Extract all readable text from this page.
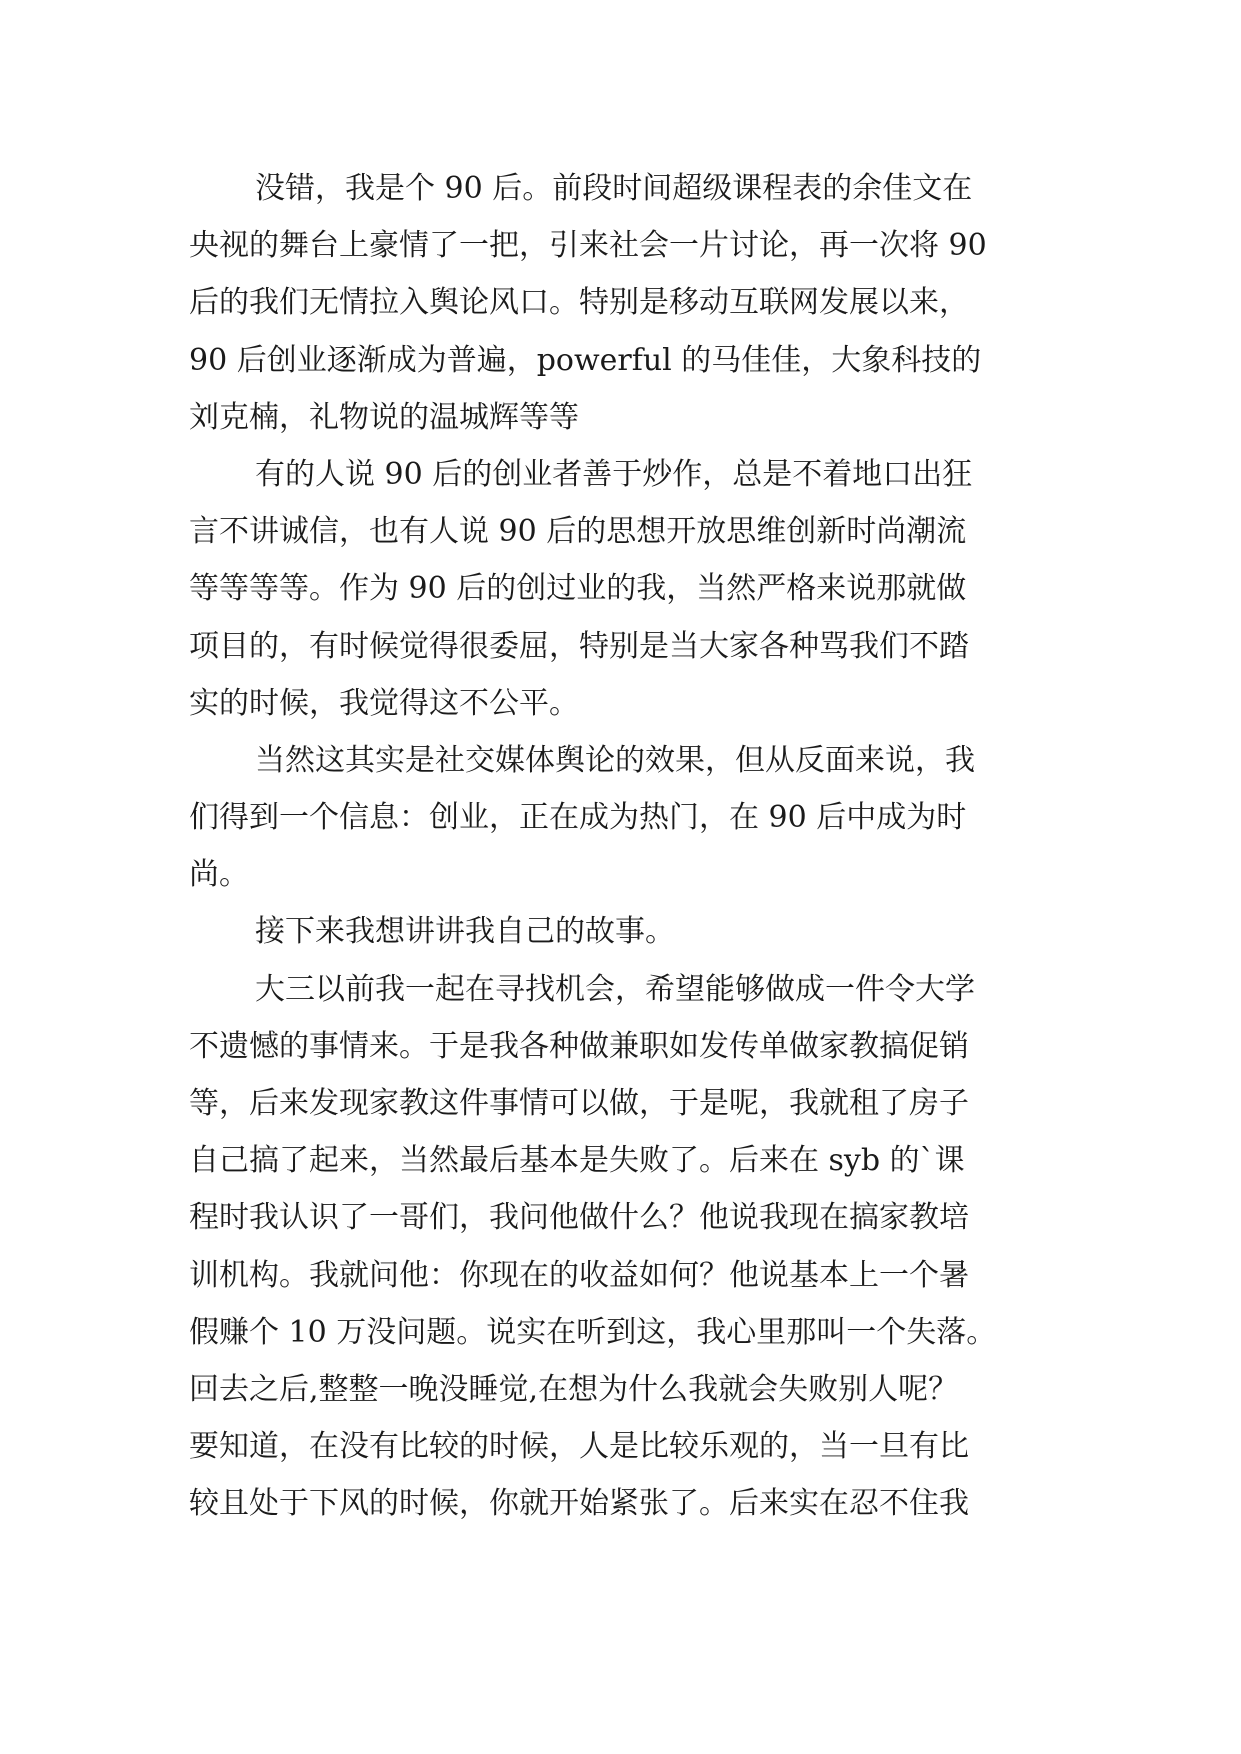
没错，我是个 90 后。前段时间超级课程表的余佳文在
央视的舞台上豪情了一把，引来社会一片讨论，再一次将 90
后的我们无情拉入舆论风口。特别是移动互联网发展以来，
90 后创业逐渐成为普遍，powerful 的马佳佳，大象科技的
刘克楠，礼物说的温城辉等等
有的人说 90 后的创业者善于炒作，总是不着地口出狂
言不讲诚信，也有人说 90 后的思想开放思维创新时尚潮流
等等等等。作为 90 后的创过业的我，当然严格来说那就做
项目的，有时候觉得很委屈，特别是当大家各种骂我们不踏
实的时候，我觉得这不公平。
当然这其实是社交媒体舆论的效果，但从反面来说，我
们得到一个信息：创业，正在成为热门，在 90 后中成为时
尚。
接下来我想讲讲我自己的故事。
大三以前我一起在寻找机会，希望能够做成一件令大学
不遗憾的事情来。于是我各种做兼职如发传单做家教搞促销
等，后来发现家教这件事情可以做，于是呢，我就租了房子
自己搞了起来，当然最后基本是失败了。后来在 syb 的`课
程时我认识了一哥们，我问他做什么？他说我现在搞家教培
训机构。我就问他：你现在的收益如何？他说基本上一个暑
假赚个 10 万没问题。说实在听到这，我心里那叫一个失落。
回去之后,整整一晚没睡觉,在想为什么我就会失败别人呢？
要知道，在没有比较的时候，人是比较乐观的，当一旦有比
较且处于下风的时候，你就开始紧张了。后来实在忍不住我
